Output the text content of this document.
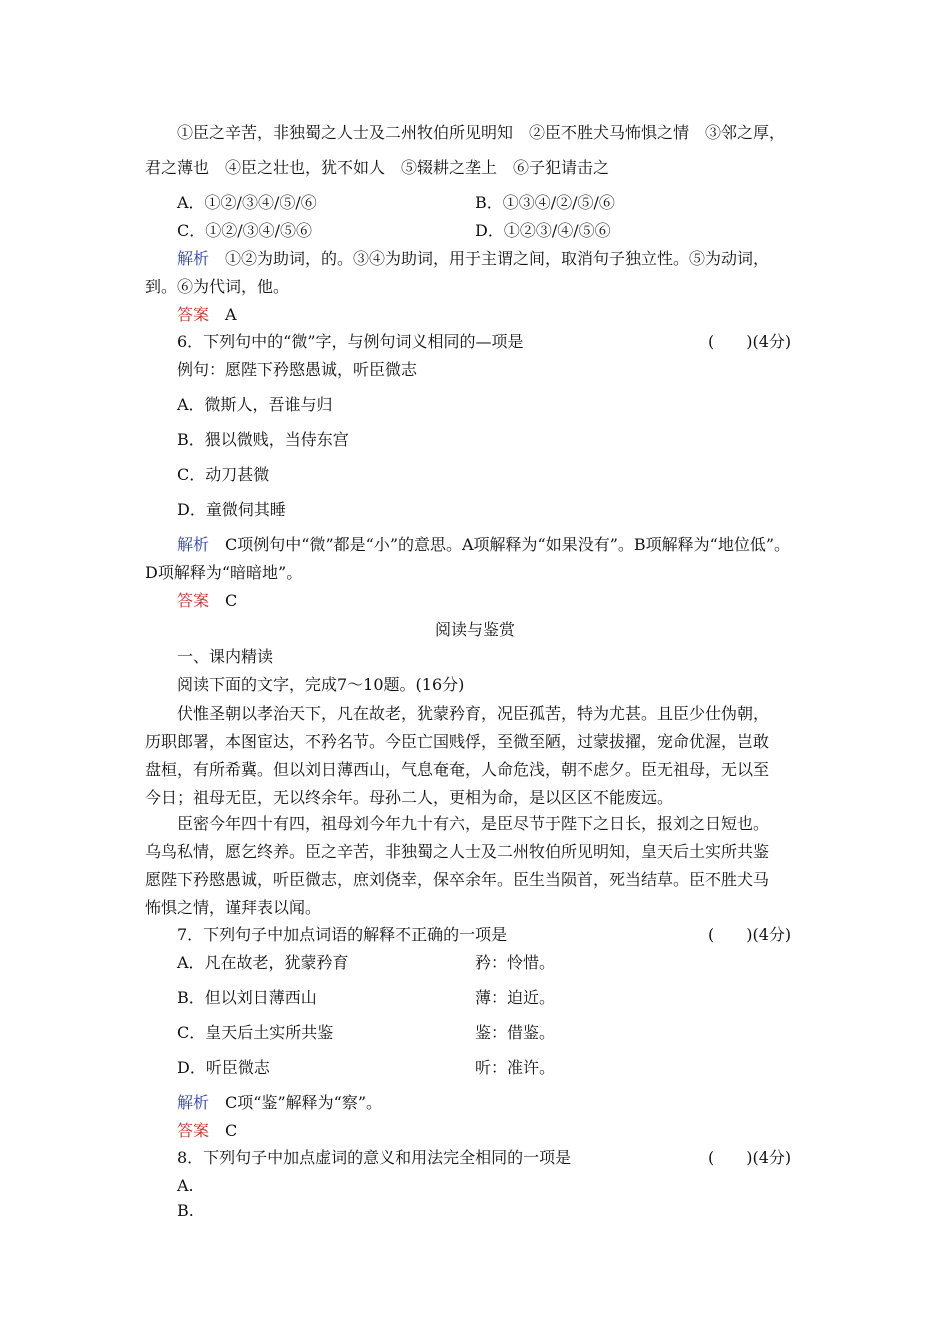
①臣之辛苦，非独蜀之人士及二州牧伯所见明知　②臣不胜犬马怖惧之情　③邻之厚，
君之薄也　④臣之壮也，犹不如人　⑤辍耕之垄上　⑥子犯请击之
A．①②/③④/⑤/⑥	B．①③④/②/⑤/⑥
C．①②/③④/⑤⑥	D．①②③/④/⑤⑥
解析　 ①②为助词，的。③④为助词，用于主谓之间，取消句子独立性。⑤为动词，
到。⑥为代词，他。
答案　 A
6．下列句中的“微”字，与例句词义相同的—项是	(　　)(4分)
例句：愿陛下矜愍愚诚，听臣微志
A．微斯人，吾谁与归
B．猥以微贱，当侍东宫
C．动刀甚微
D．童微伺其睡
解析　 C项例句中“微”都是“小”的意思。A项解释为“如果没有”。B项解释为“地位低”。
D项解释为“暗暗地”。
答案　 C
阅读与鉴赏
一、课内精读
阅读下面的文字，完成7～10题。(16分)
伏惟圣朝以孝治天下，凡在故老，犹蒙矜育，况臣孤苦，特为尤甚。且臣少仕伪朝，
历职郎署，本图宦达，不矜名节。今臣亡国贱俘，至微至陋，过蒙拔擢，宠命优渥，岂敢
盘桓，有所希冀。但以刘日薄西山，气息奄奄，人命危浅，朝不虑夕。臣无祖母，无以至
今日；祖母无臣，无以终余年。母孙二人，更相为命，是以区区不能废远。
臣密今年四十有四，祖母刘今年九十有六，是臣尽节于陛下之日长，报刘之日短也。
乌鸟私情，愿乞终养。臣之辛苦，非独蜀之人士及二州牧伯所见明知，皇天后土实所共鉴
愿陛下矜愍愚诚，听臣微志，庶刘侥幸，保卒余年。臣生当陨首，死当结草。臣不胜犬马
怖惧之情，谨拜表以闻。
7．下列句子中加点词语的解释不正确的一项是	(　　)(4分)
A．凡在故老，犹蒙矜育	矜：怜惜。
B．但以刘日薄西山	薄：迫近。
C．皇天后土实所共鉴	鉴：借鉴。
D．听臣微志	听：准许。
解析　 C项“鉴”解释为“察”。
答案　 C
8．下列句子中加点虚词的意义和用法完全相同的一项是	(　　)(4分)
A.
B.
